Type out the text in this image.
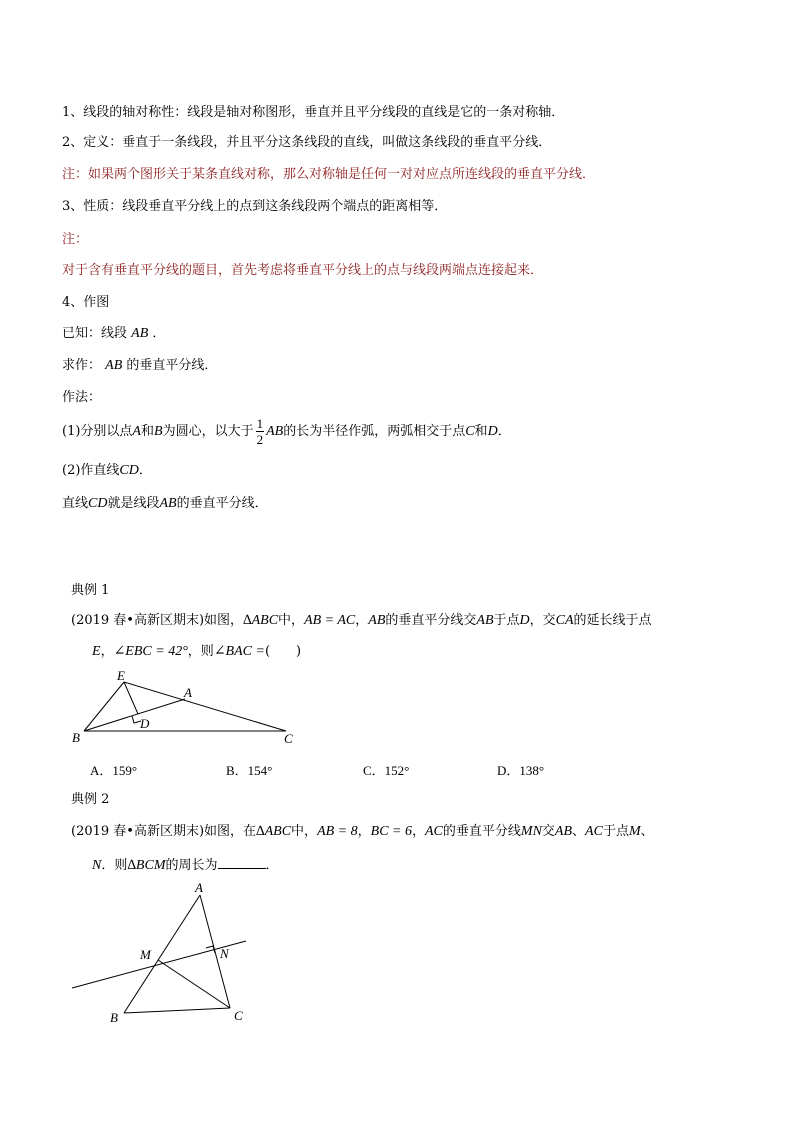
1、线段的轴对称性：线段是轴对称图形，垂直并且平分线段的直线是它的一条对称轴．
2、定义：垂直于一条线段，并且平分这条线段的直线，叫做这条线段的垂直平分线．
注：如果两个图形关于某条直线对称，那么对称轴是任何一对对应点所连线段的垂直平分线．
3、性质：线段垂直平分线上的点到这条线段两个端点的距离相等．
注：
对于含有垂直平分线的题目，首先考虑将垂直平分线上的点与线段两端点连接起来．
4、作图
已知：线段 AB ．
求作： AB 的垂直平分线．
作法：
(1)分别以点A和B为圆心，以大于 $\frac{1}{2}$ AB的长为半径作弧，两弧相交于点C和D．
(2)作直线CD．
直线CD就是线段AB的垂直平分线．
典例 1
(2019 春•高新区期末)如图，∆ABC中，AB = AC，AB的垂直平分线交AB于点D，交CA的延长线于点
E，∠EBC = 42°，则∠BAC =(　　)
E
A
D
B	C
A．159°	B．154°	C．152°	D．138°
典例 2
(2019 春•高新区期末)如图，在∆ABC中，AB = 8，BC = 6，AC的垂直平分线MN交AB、AC于点M、
N．则∆BCM的周长为	．
A
M	N
B	C
